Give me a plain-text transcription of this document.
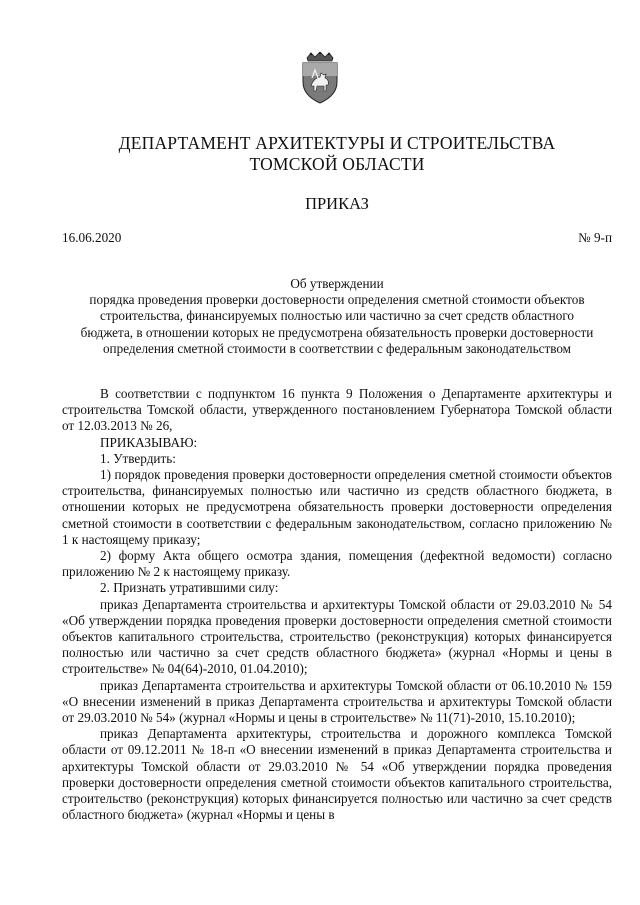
ДЕПАРТАМЕНТ АРХИТЕКТУРЫ И СТРОИТЕЛЬСТВА
ТОМСКОЙ ОБЛАСТИ
ПРИКАЗ
16.06.2020	№ 9-п
Об утверждении
порядка проведения проверки достоверности определения сметной стоимости объектов
строительства, финансируемых полностью или частично за счет средств областного
бюджета, в отношении которых не предусмотрена обязательность проверки достоверности
определения сметной стоимости в соответствии с федеральным законодательством

В соответствии с подпунктом 16 пункта 9 Положения о Департаменте архитектуры и строительства Томской области, утвержденного постановлением Губернатора Томской области от 12.03.2013 № 26,

ПРИКАЗЫВАЮ:

1. Утвердить:

1) порядок проведения проверки достоверности определения сметной стоимости объектов строительства, финансируемых полностью или частично из средств областного бюджета, в отношении которых не предусмотрена обязательность проверки достоверности определения сметной стоимости в соответствии с федеральным законодательством, согласно приложению № 1 к настоящему приказу;

2) форму Акта общего осмотра здания, помещения (дефектной ведомости) согласно приложению № 2 к настоящему приказу.

2. Признать утратившими силу:

приказ Департамента строительства и архитектуры Томской области от 29.03.2010 № 54 «Об утверждении порядка проведения проверки достоверности определения сметной стоимости объектов капитального строительства, строительство (реконструкция) которых финансируется полностью или частично за счет средств областного бюджета» (журнал «Нормы и цены в строительстве» № 04(64)-2010, 01.04.2010);

приказ Департамента строительства и архитектуры Томской области от 06.10.2010 № 159 «О внесении изменений в приказ Департамента строительства и архитектуры Томской области от 29.03.2010 № 54» (журнал «Нормы и цены в строительстве» № 11(71)-2010, 15.10.2010);

приказ Департамента архитектуры, строительства и дорожного комплекса Томской области от 09.12.2011 № 18-п «О внесении изменений в приказ Департамента строительства и архитектуры Томской области от 29.03.2010 № 54 «Об утверждении порядка проведения проверки достоверности определения сметной стоимости объектов капитального строительства, строительство (реконструкция) которых финансируется полностью или частично за счет средств областного бюджета» (журнал «Нормы и цены в
